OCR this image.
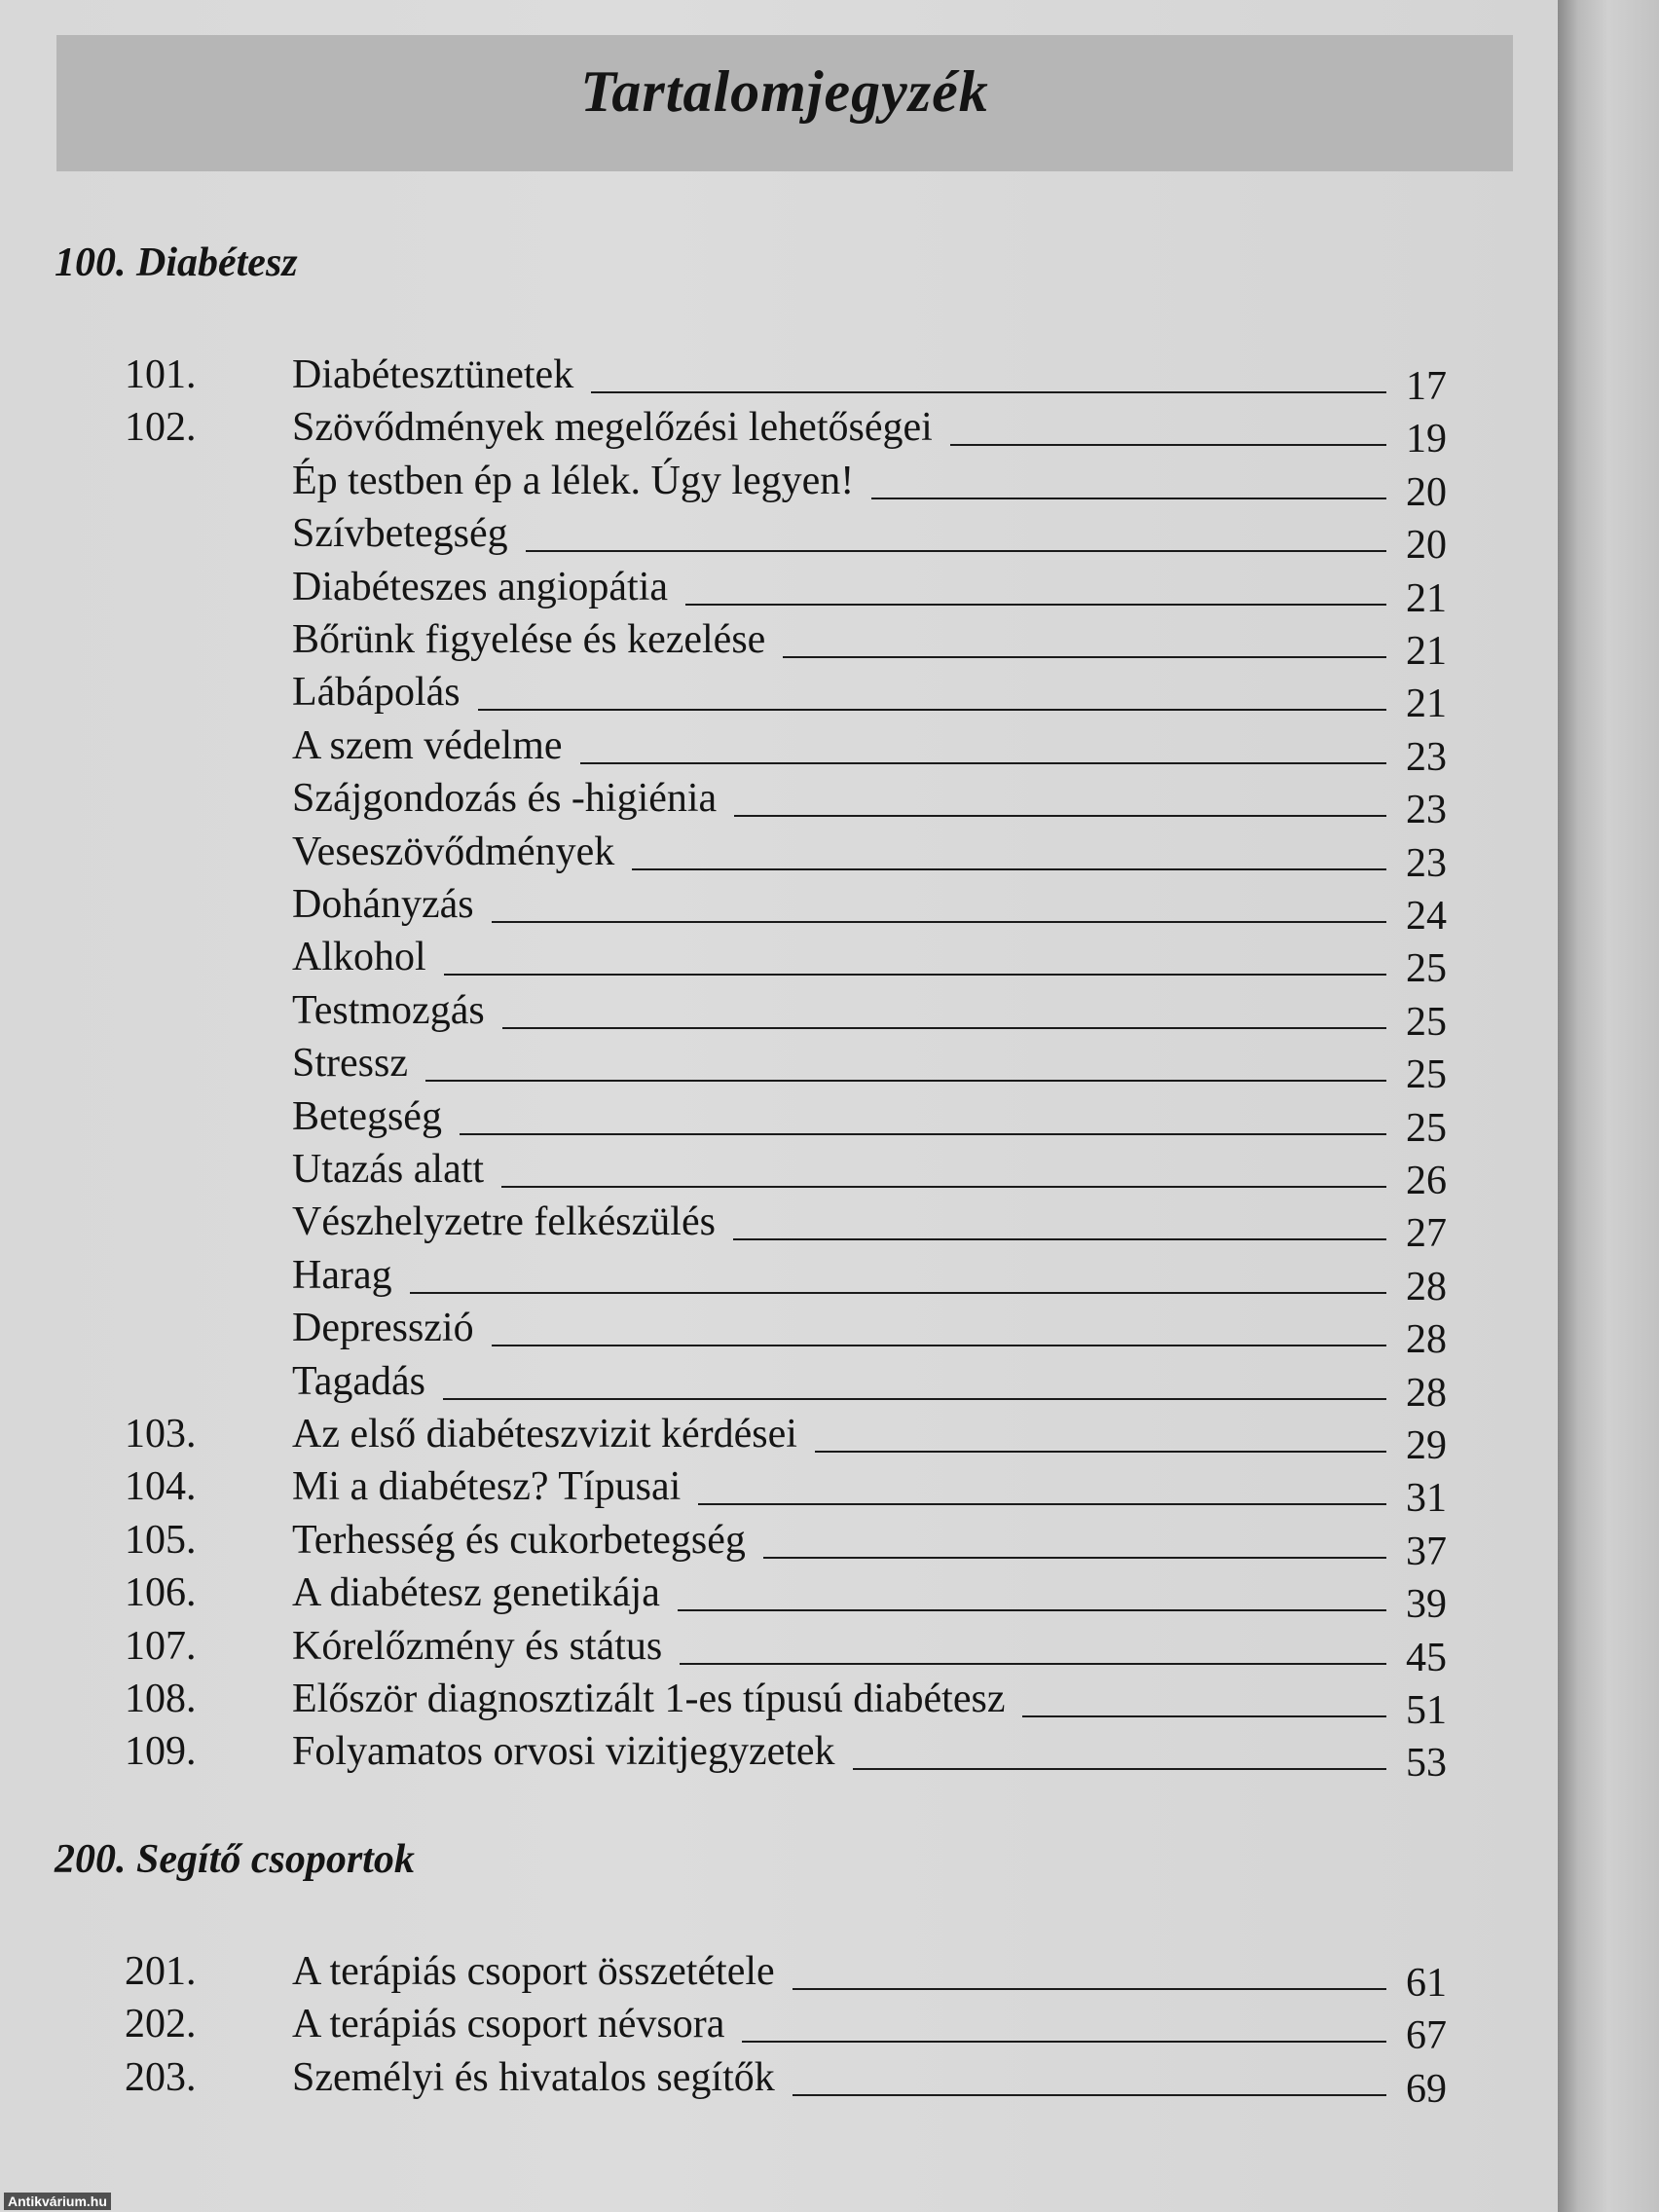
Tartalomjegyzék
100. Diabétesz
101. Diabétesztünetek	17
102. Szövődmények megelőzési lehetőségei	19
Ép testben ép a lélek. Úgy legyen!	20
Szívbetegség	20
Diabéteszes angiopátia	21
Bőrünk figyelése és kezelése	21
Lábápolás	21
A szem védelme	23
Szájgondozás és -higiénia	23
Veseszövődmények	23
Dohányzás	24
Alkohol	25
Testmozgás	25
Stressz	25
Betegség	25
Utazás alatt	26
Vészhelyzetre felkészülés	27
Harag	28
Depresszió	28
Tagadás	28
103. Az első diabéteszvizit kérdései	29
104. Mi a diabétesz? Típusai	31
105. Terhesség és cukorbetegség	37
106. A diabétesz genetikája	39
107. Kórelőzmény és státus	45
108. Először diagnosztizált 1-es típusú diabétesz	51
109. Folyamatos orvosi vizitjegyzetek	53
200. Segítő csoportok
201. A terápiás csoport összetétele	61
202. A terápiás csoport névsora	67
203. Személyi és hivatalos segítők	69
Antikvárium.hu
